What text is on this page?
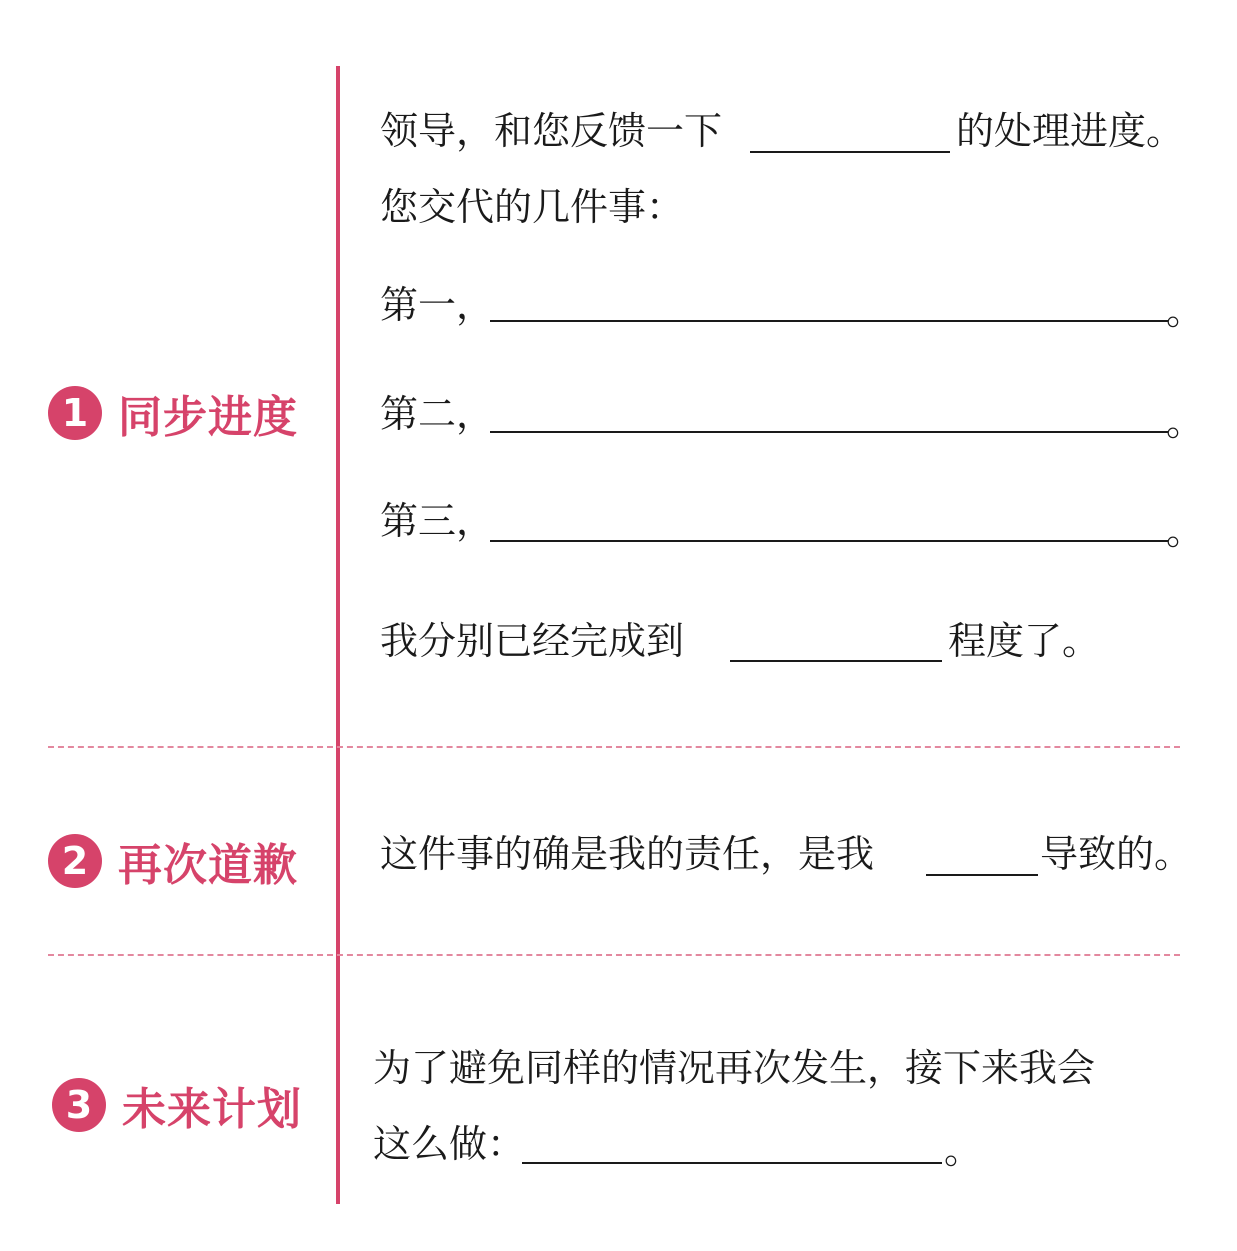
1 同步进度
领导，和您反馈一下	的处理进度。
您交代的几件事：
第一，	。
第二，	。
第三，	。
我分别已经完成到	程度了。
2 再次道歉 这件事的确是我的责任，是我	导致的。
3 未来计划
为了避免同样的情况再次发生，接下来我会
这么做：	。
